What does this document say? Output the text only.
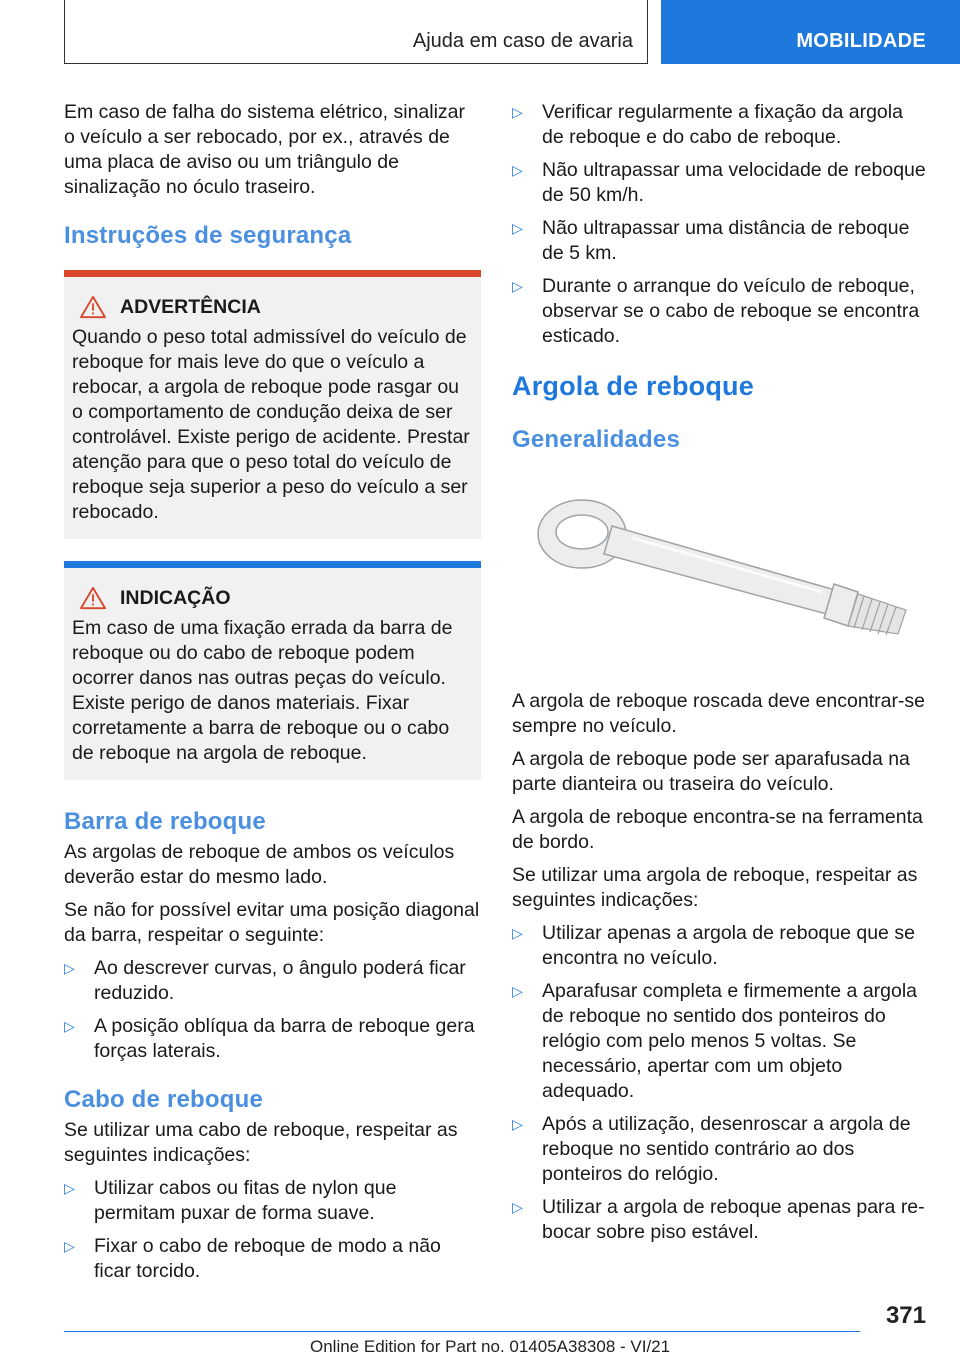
Ajuda em caso de avaria	MOBILIDADE

Em caso de falha do sistema elétrico, sinalizar o veículo a ser rebocado, por ex., através de uma placa de aviso ou um triângulo de sinalização no óculo traseiro.

Instruções de segurança
ADVERTÊNCIA

Quando o peso total admissível do veículo de reboque for mais leve do que o veículo a rebocar, a argola de reboque pode rasgar ou o comportamento de condução deixa de ser controlável. Existe perigo de acidente. Prestar atenção para que o peso total do veículo de reboque seja superior a peso do veículo a ser rebocado.

INDICAÇÃO

Em caso de uma fixação errada da barra de reboque ou do cabo de reboque podem ocorrer danos nas outras peças do veículo. Existe perigo de danos materiais. Fixar corretamente a barra de reboque ou o cabo de reboque na argola de reboque.

Barra de reboque

As argolas de reboque de ambos os veículos deverão estar do mesmo lado.

Se não for possível evitar uma posição diagonal da barra, respeitar o seguinte:

▷ Ao descrever curvas, o ângulo poderá ficar reduzido.
▷ A posição oblíqua da barra de reboque gera forças laterais.
Cabo de reboque

Se utilizar uma cabo de reboque, respeitar as seguintes indicações:

▷ Utilizar cabos ou fitas de nylon que permitam puxar de forma suave.
▷ Fixar o cabo de reboque de modo a não ficar torcido.
▷ Verificar regularmente a fixação da argola de reboque e do cabo de reboque.
▷ Não ultrapassar uma velocidade de reboque de 50 km/h.
▷ Não ultrapassar uma distância de reboque de 5 km.
▷ Durante o arranque do veículo de reboque, observar se o cabo de reboque se encontra esticado.
Argola de reboque
Generalidades

A argola de reboque roscada deve encontrar-se sempre no veículo.

A argola de reboque pode ser aparafusada na parte dianteira ou traseira do veículo.

A argola de reboque encontra-se na ferramenta de bordo.

Se utilizar uma argola de reboque, respeitar as seguintes indicações:

▷ Utilizar apenas a argola de reboque que se encontra no veículo.
▷ Aparafusar completa e firmemente a argola de reboque no sentido dos ponteiros do relógio com pelo menos 5 voltas. Se necessário, apertar com um objeto adequado.
▷ Após a utilização, desenroscar a argola de reboque no sentido contrário ao dos ponteiros do relógio.
▷ Utilizar a argola de reboque apenas para rebocar sobre piso estável.
371
Online Edition for Part no. 01405A38308 - VI/21
